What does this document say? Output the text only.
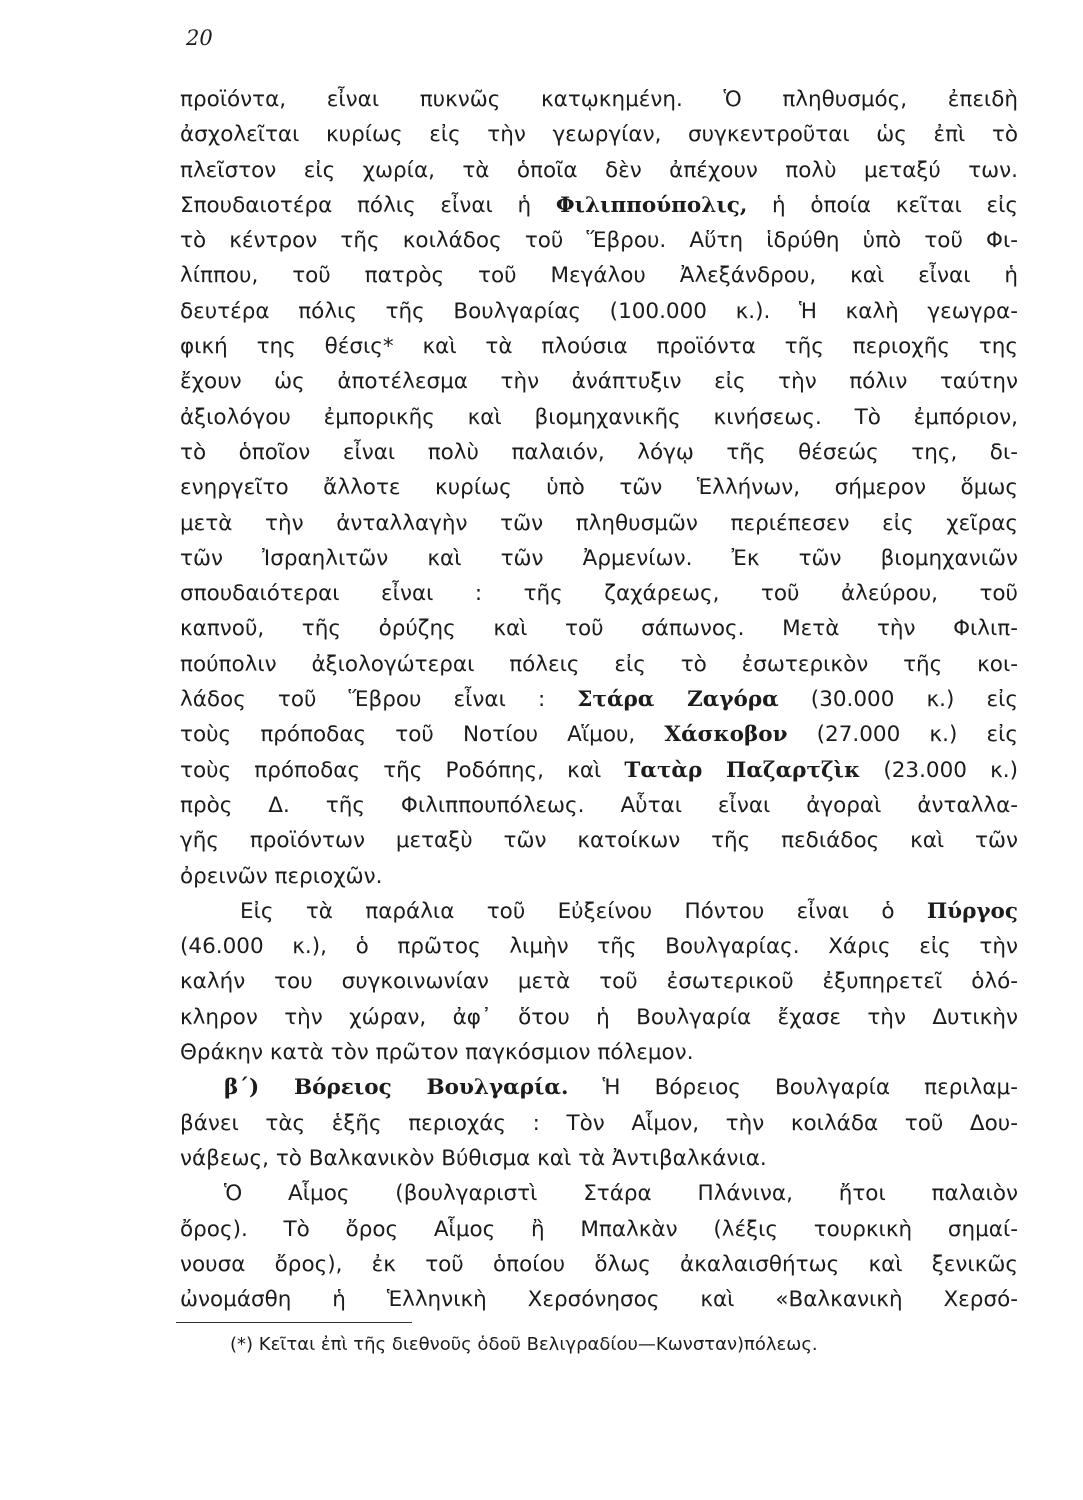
20
προϊόντα, εἶναι πυκνῶς κατῳκημένη. Ὁ πληθυσμός, ἐπειδὴ
ἀσχολεῖται κυρίως εἰς τὴν γεωργίαν, συγκεντροῦται ὡς ἐπὶ τὸ
πλεῖστον εἰς χωρία, τὰ ὁποῖα δὲν ἀπέχουν πολὺ μεταξύ των.
Σπουδαιοτέρα πόλις εἶναι ἡ Φιλιππούπολις, ἡ ὁποία κεῖται εἰς
τὸ κέντρον τῆς κοιλάδος τοῦ Ἕβρου. Αὕτη ἱδρύθη ὑπὸ τοῦ Φι-
λίππου, τοῦ πατρὸς τοῦ Μεγάλου Ἀλεξάνδρου, καὶ εἶναι ἡ
δευτέρα πόλις τῆς Βουλγαρίας (100.000 κ.). Ἡ καλὴ γεωγρα-
φική της θέσις* καὶ τὰ πλούσια προϊόντα τῆς περιοχῆς της
ἔχουν ὡς ἀποτέλεσμα τὴν ἀνάπτυξιν εἰς τὴν πόλιν ταύτην
ἀξιολόγου ἐμπορικῆς καὶ βιομηχανικῆς κινήσεως. Τὸ ἐμπόριον,
τὸ ὁποῖον εἶναι πολὺ παλαιόν, λόγῳ τῆς θέσεώς της, δι-
ενηργεῖτο ἄλλοτε κυρίως ὑπὸ τῶν Ἑλλήνων, σήμερον ὅμως
μετὰ τὴν ἀνταλλαγὴν τῶν πληθυσμῶν περιέπεσεν εἰς χεῖρας
τῶν Ἰσραηλιτῶν καὶ τῶν Ἀρμενίων. Ἐκ τῶν βιομηχανιῶν
σπουδαιότεραι εἶναι : τῆς ζαχάρεως, τοῦ ἀλεύρου, τοῦ
καπνοῦ, τῆς ὀρύζης καὶ τοῦ σάπωνος. Μετὰ τὴν Φιλιπ-
πούπολιν ἀξιολογώτεραι πόλεις εἰς τὸ ἐσωτερικὸν τῆς κοι-
λάδος τοῦ Ἕβρου εἶναι : Στάρα Ζαγόρα (30.000 κ.) εἰς
τοὺς πρόποδας τοῦ Νοτίου Αἵμου, Χάσκοβον (27.000 κ.) εἰς
τοὺς πρόποδας τῆς Ροδόπης, καὶ Τατὰρ Παζαρτζὶκ (23.000 κ.)
πρὸς Δ. τῆς Φιλιππουπόλεως. Αὗται εἶναι ἀγοραὶ ἀνταλλα-
γῆς προϊόντων μεταξὺ τῶν κατοίκων τῆς πεδιάδος καὶ τῶν
ὀρεινῶν περιοχῶν.
Εἰς τὰ παράλια τοῦ Εὐξείνου Πόντου εἶναι ὁ Πύργος
(46.000 κ.), ὁ πρῶτος λιμὴν τῆς Βουλγαρίας. Χάρις εἰς τὴν
καλήν του συγκοινωνίαν μετὰ τοῦ ἐσωτερικοῦ ἐξυπηρετεῖ ὁλό-
κληρον τὴν χώραν, ἀφ᾽ ὅτου ἡ Βουλγαρία ἔχασε τὴν Δυτικὴν
Θράκην κατὰ τὸν πρῶτον παγκόσμιον πόλεμον.
β΄) Βόρειος Βουλγαρία. Ἡ Βόρειος Βουλγαρία περιλαμ-
βάνει τὰς ἑξῆς περιοχάς : Τὸν Αἷμον, τὴν κοιλάδα τοῦ Δου-
νάβεως, τὸ Βαλκανικὸν Βύθισμα καὶ τὰ Ἀντιβαλκάνια.
Ὁ Αἷμος (βουλγαριστὶ Στάρα Πλάνινα, ἤτοι παλαιὸν
ὄρος). Τὸ ὄρος Αἷμος ἢ Μπαλκὰν (λέξις τουρκικὴ σημαί-
νουσα ὄρος), ἐκ τοῦ ὁποίου ὅλως ἀκαλαισθήτως καὶ ξενικῶς
ὠνομάσθη ἡ Ἑλληνικὴ Χερσόνησος καὶ «Βαλκανικὴ Χερσό-
(*) Κεῖται ἐπὶ τῆς διεθνοῦς ὁδοῦ Βελιγραδίου—Κωνσταν)πόλεως.
